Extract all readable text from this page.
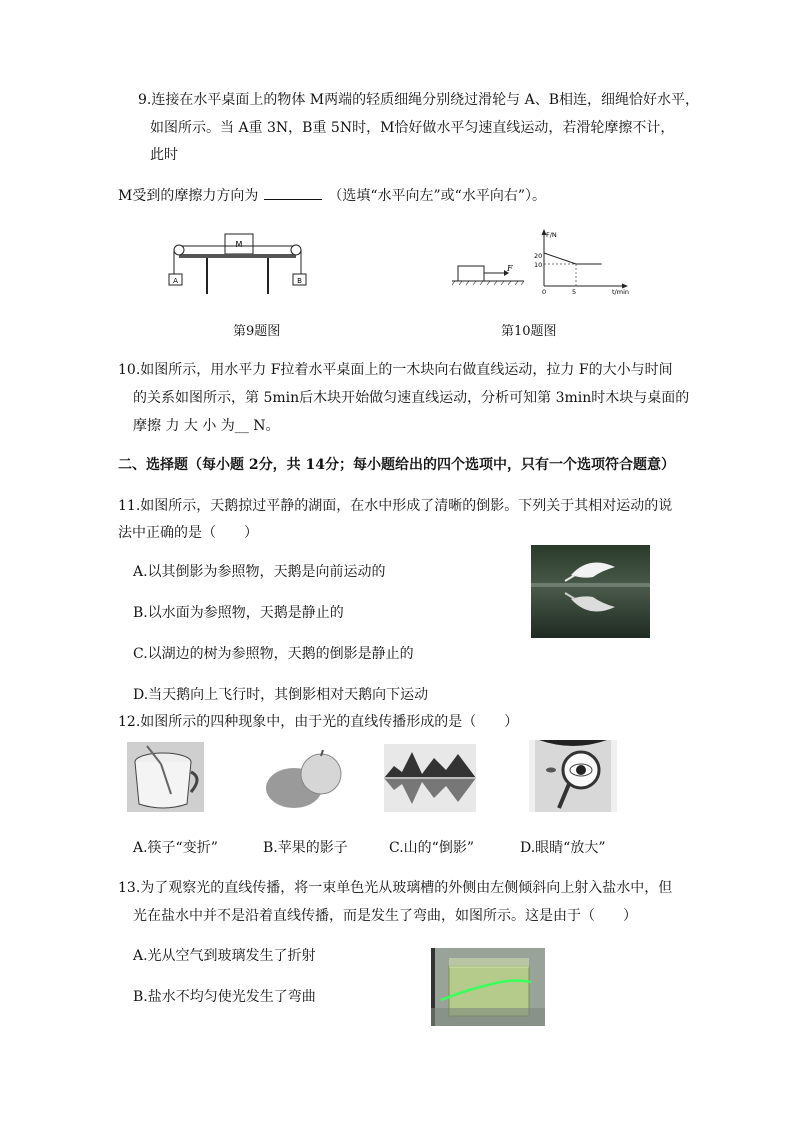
9.连接在水平桌面上的物体 M两端的轻质细绳分别绕过滑轮与 A、B相连，细绳恰好水平，
如图所示。当 A重 3N，B重 5N时，M恰好做水平匀速直线运动，若滑轮摩擦不计，
此时
M受到的摩擦力方向为	（选填“水平向左”或“水平向右”）。
M
A	B
F
F/N
t/min
20
10
0	5
第9题图	第10题图
10.如图所示，用水平力 F拉着水平桌面上的一木块向右做直线运动，拉力 F的大小与时间
的关系如图所示，第 5min后木块开始做匀速直线运动，分析可知第 3min时木块与桌面的
摩擦 力 大 小 为__ N。
二、选择题（每小题 2分，共 14分；每小题给出的四个选项中，只有一个选项符合题意）
11.如图所示，天鹅掠过平静的湖面，在水中形成了清晰的倒影。下列关于其相对运动的说
法中正确的是（　　）
A.以其倒影为参照物，天鹅是向前运动的
B.以水面为参照物，天鹅是静止的
C.以湖边的树为参照物，天鹅的倒影是静止的
D.当天鹅向上飞行时，其倒影相对天鹅向下运动
12.如图所示的四种现象中，由于光的直线传播形成的是（　　）
A.筷子“变折”	B.苹果的影子	C.山的“倒影”	D.眼睛“放大”
13.为了观察光的直线传播，将一束单色光从玻璃槽的外侧由左侧倾斜向上射入盐水中，但
光在盐水中并不是沿着直线传播，而是发生了弯曲，如图所示。这是由于（　　）
A.光从空气到玻璃发生了折射
B.盐水不均匀使光发生了弯曲
